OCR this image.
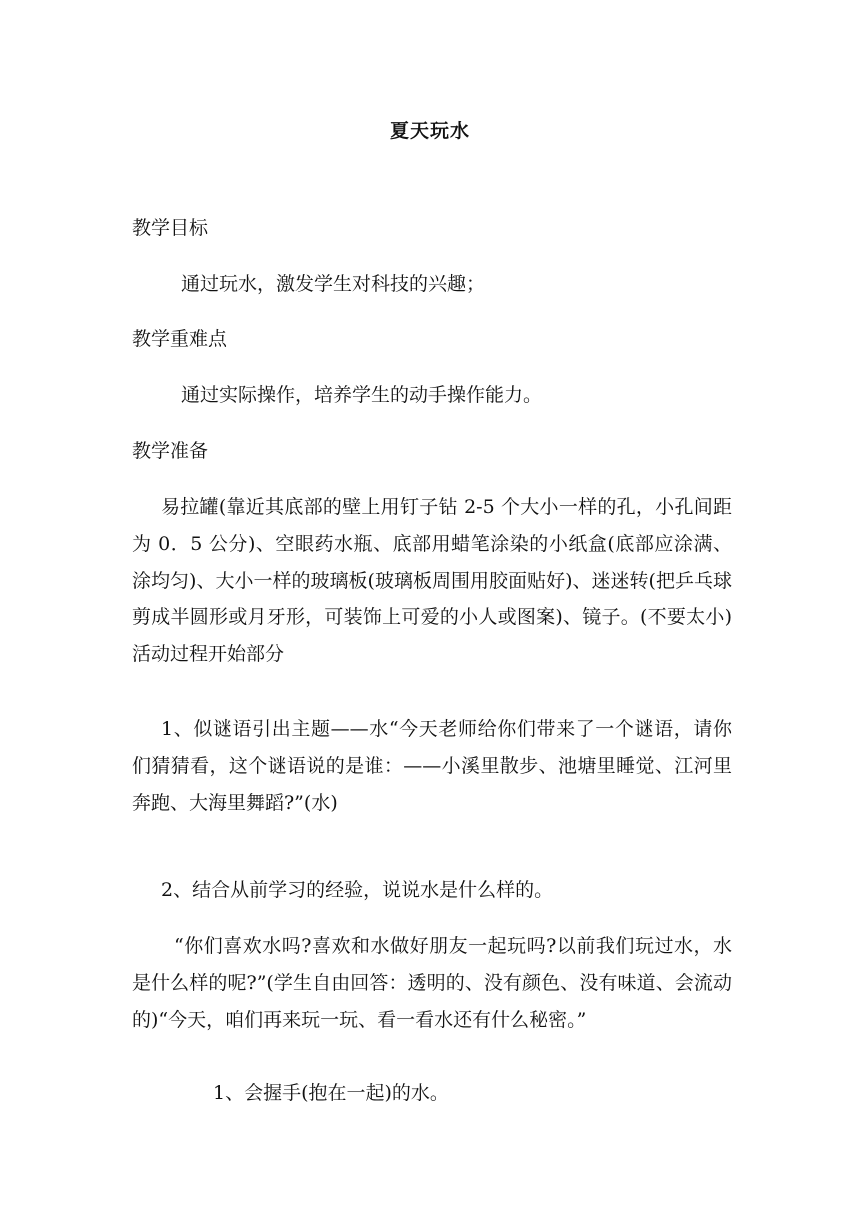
夏天玩水
教学目标
通过玩水，激发学生对科技的兴趣；
教学重难点
通过实际操作，培养学生的动手操作能力。
教学准备
易拉罐(靠近其底部的壁上用钉子钻 2-5 个大小一样的孔，小孔间距为 0．5 公分)、空眼药水瓶、底部用蜡笔涂染的小纸盒(底部应涂满、涂均匀)、大小一样的玻璃板(玻璃板周围用胶面贴好)、迷迷转(把乒乓球剪成半圆形或月牙形，可装饰上可爱的小人或图案)、镜子。(不要太小)活动过程开始部分
1、似谜语引出主题——水“今天老师给你们带来了一个谜语，请你们猜猜看，这个谜语说的是谁：——小溪里散步、池塘里睡觉、江河里奔跑、大海里舞蹈?”(水)
2、结合从前学习的经验，说说水是什么样的。
“你们喜欢水吗?喜欢和水做好朋友一起玩吗?以前我们玩过水，水是什么样的呢?”(学生自由回答：透明的、没有颜色、没有味道、会流动的)“今天，咱们再来玩一玩、看一看水还有什么秘密。”
1、会握手(抱在一起)的水。
